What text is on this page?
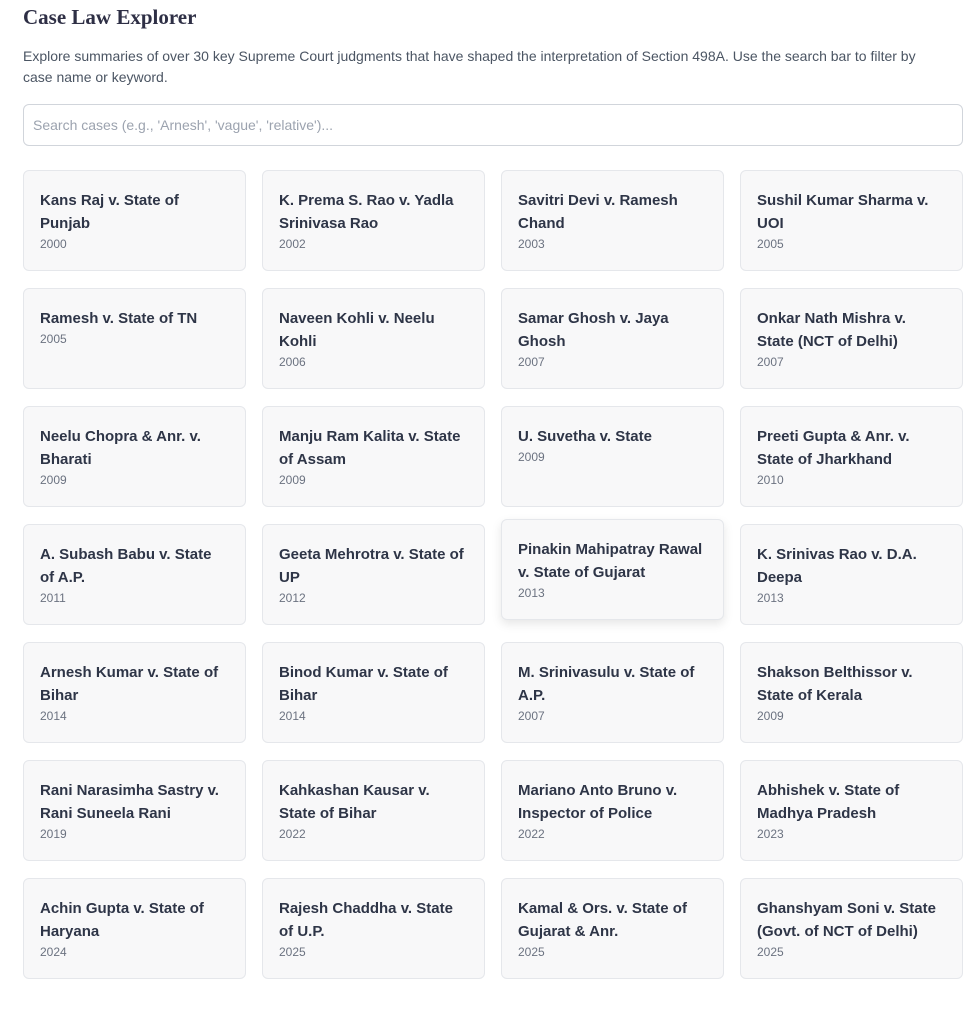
Case Law Explorer

Explore summaries of over 30 key Supreme Court judgments that have shaped the interpretation of Section 498A. Use the search bar to filter by case name or keyword.

Search cases (e.g., 'Arnesh', 'vague', 'relative')...
Kans Raj v. State of Punjab
2000
K. Prema S. Rao v. Yadla Srinivasa Rao
2002
Savitri Devi v. Ramesh Chand
2003
Sushil Kumar Sharma v. UOI
2005
Ramesh v. State of TN
2005
Naveen Kohli v. Neelu Kohli
2006
Samar Ghosh v. Jaya Ghosh
2007
Onkar Nath Mishra v. State (NCT of Delhi)
2007
Neelu Chopra & Anr. v. Bharati
2009
Manju Ram Kalita v. State of Assam
2009
U. Suvetha v. State
2009
Preeti Gupta & Anr. v. State of Jharkhand
2010
A. Subash Babu v. State of A.P.
2011
Geeta Mehrotra v. State of UP
2012
Pinakin Mahipatray Rawal v. State of Gujarat
2013
K. Srinivas Rao v. D.A. Deepa
2013
Arnesh Kumar v. State of Bihar
2014
Binod Kumar v. State of Bihar
2014
M. Srinivasulu v. State of A.P.
2007
Shakson Belthissor v. State of Kerala
2009
Rani Narasimha Sastry v. Rani Suneela Rani
2019
Kahkashan Kausar v. State of Bihar
2022
Mariano Anto Bruno v. Inspector of Police
2022
Abhishek v. State of Madhya Pradesh
2023
Achin Gupta v. State of Haryana
2024
Rajesh Chaddha v. State of U.P.
2025
Kamal & Ors. v. State of Gujarat & Anr.
2025
Ghanshyam Soni v. State (Govt. of NCT of Delhi)
2025
